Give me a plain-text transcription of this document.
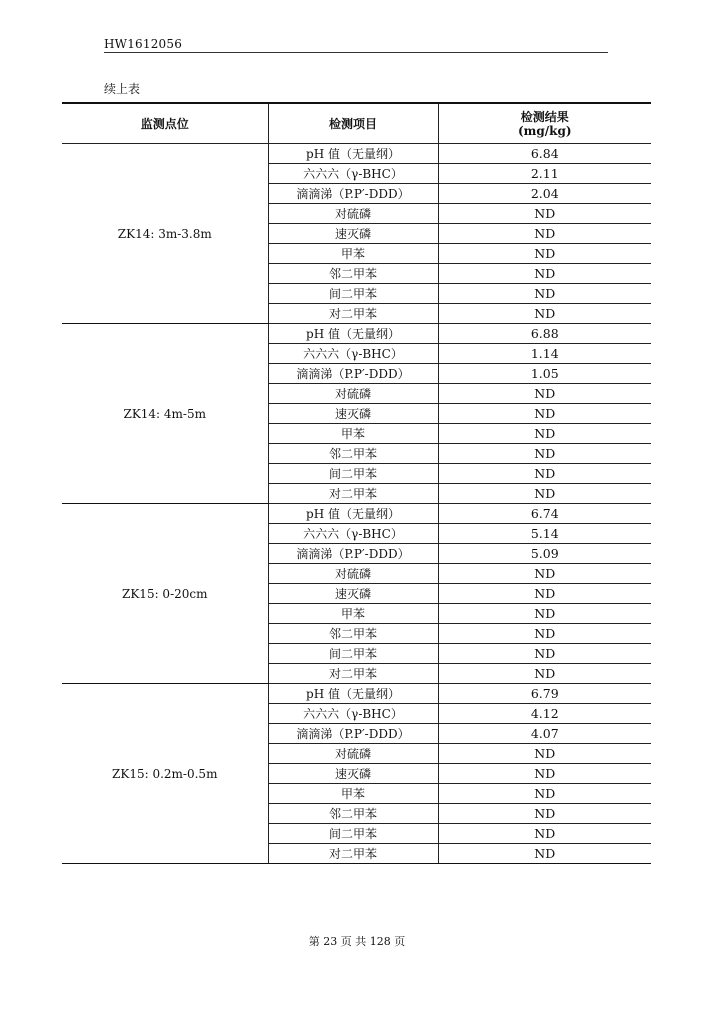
HW1612056
续上表
监测点位	检测项目	检测结果
(mg/kg)

ZK14: 3m-3.8m	pH 值（无量纲）	6.84
	六六六（γ-BHC）	2.11
	滴滴涕（P.P′-DDD）	2.04
	对硫磷	ND
	速灭磷	ND
	甲苯	ND
	邻二甲苯	ND
	间二甲苯	ND
	对二甲苯	ND
ZK14: 4m-5m	pH 值（无量纲）	6.88
	六六六（γ-BHC）	1.14
	滴滴涕（P.P′-DDD）	1.05
	对硫磷	ND
	速灭磷	ND
	甲苯	ND
	邻二甲苯	ND
	间二甲苯	ND
	对二甲苯	ND
ZK15: 0-20cm	pH 值（无量纲）	6.74
	六六六（γ-BHC）	5.14
	滴滴涕（P.P′-DDD）	5.09
	对硫磷	ND
	速灭磷	ND
	甲苯	ND
	邻二甲苯	ND
	间二甲苯	ND
	对二甲苯	ND
ZK15: 0.2m-0.5m	pH 值（无量纲）	6.79
	六六六（γ-BHC）	4.12
	滴滴涕（P.P′-DDD）	4.07
	对硫磷	ND
	速灭磷	ND
	甲苯	ND
	邻二甲苯	ND
	间二甲苯	ND
	对二甲苯	ND
第 23 页 共 128 页
